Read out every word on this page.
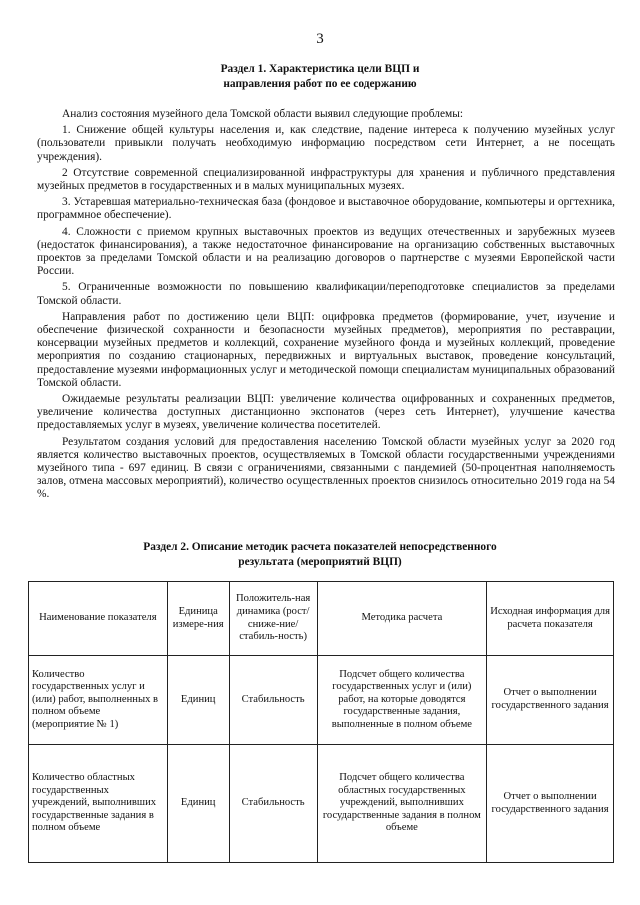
3
Раздел 1. Характеристика цели ВЦП и
направления работ по ее содержанию

Анализ состояния музейного дела Томской области выявил следующие проблемы:

1. Снижение общей культуры населения и, как следствие, падение интереса к получению музейных услуг (пользователи привыкли получать необходимую информацию посредством сети Интернет, а не посещать учреждения).

2 Отсутствие современной специализированной инфраструктуры для хранения и публичного представления музейных предметов в государственных и в малых муниципальных музеях.

3. Устаревшая материально-техническая база (фондовое и выставочное оборудование, компьютеры и оргтехника, программное обеспечение).

4. Сложности с приемом крупных выставочных проектов из ведущих отечественных и зарубежных музеев (недостаток финансирования), а также недостаточное финансирование на организацию собственных выставочных проектов за пределами Томской области и на реализацию договоров о партнерстве с музеями Европейской части России.

5. Ограниченные возможности по повышению квалификации/переподготовке специалистов за пределами Томской области.

Направления работ по достижению цели ВЦП: оцифровка предметов (формирование, учет, изучение и обеспечение физической сохранности и безопасности музейных предметов), мероприятия по реставрации, консервации музейных предметов и коллекций, сохранение музейного фонда и музейных коллекций, проведение мероприятия по созданию стационарных, передвижных и виртуальных выставок, проведение консультаций, предоставление музеями информационных услуг и методической помощи специалистам муниципальных образований Томской области.

Ожидаемые результаты реализации ВЦП: увеличение количества оцифрованных и сохраненных предметов, увеличение количества доступных дистанционно экспонатов (через сеть Интернет), улучшение качества предоставляемых услуг в музеях, увеличение количества посетителей.

Результатом создания условий для предоставления населению Томской области музейных услуг за 2020 год является количество выставочных проектов, осуществляемых в Томской области государственными учреждениями музейного типа - 697 единиц. В связи с ограничениями, связанными с пандемией (50-процентная наполняемость залов, отмена массовых мероприятий), количество осуществленных проектов снизилось относительно 2019 года на 54 %.

Раздел 2. Описание методик расчета показателей непосредственного
результата (мероприятий ВЦП)
Наименование показателя	Единица измере-ния	Положитель-ная динамика (рост/сниже-ние/стабиль-ность)	Методика расчета	Исходная информация для расчета показателя
Количество государственных услуг и (или) работ, выполненных в полном объеме (мероприятие № 1)	Единиц	Стабильность	Подсчет общего количества государственных услуг и (или) работ, на которые доводятся государственные задания, выполненные в полном объеме	Отчет о выполнении государственного задания
Количество областных государственных учреждений, выполнивших государственные задания в полном объеме	Единиц	Стабильность	Подсчет общего количества областных государственных учреждений, выполнивших государственные задания в полном объеме	Отчет о выполнении государственного задания
